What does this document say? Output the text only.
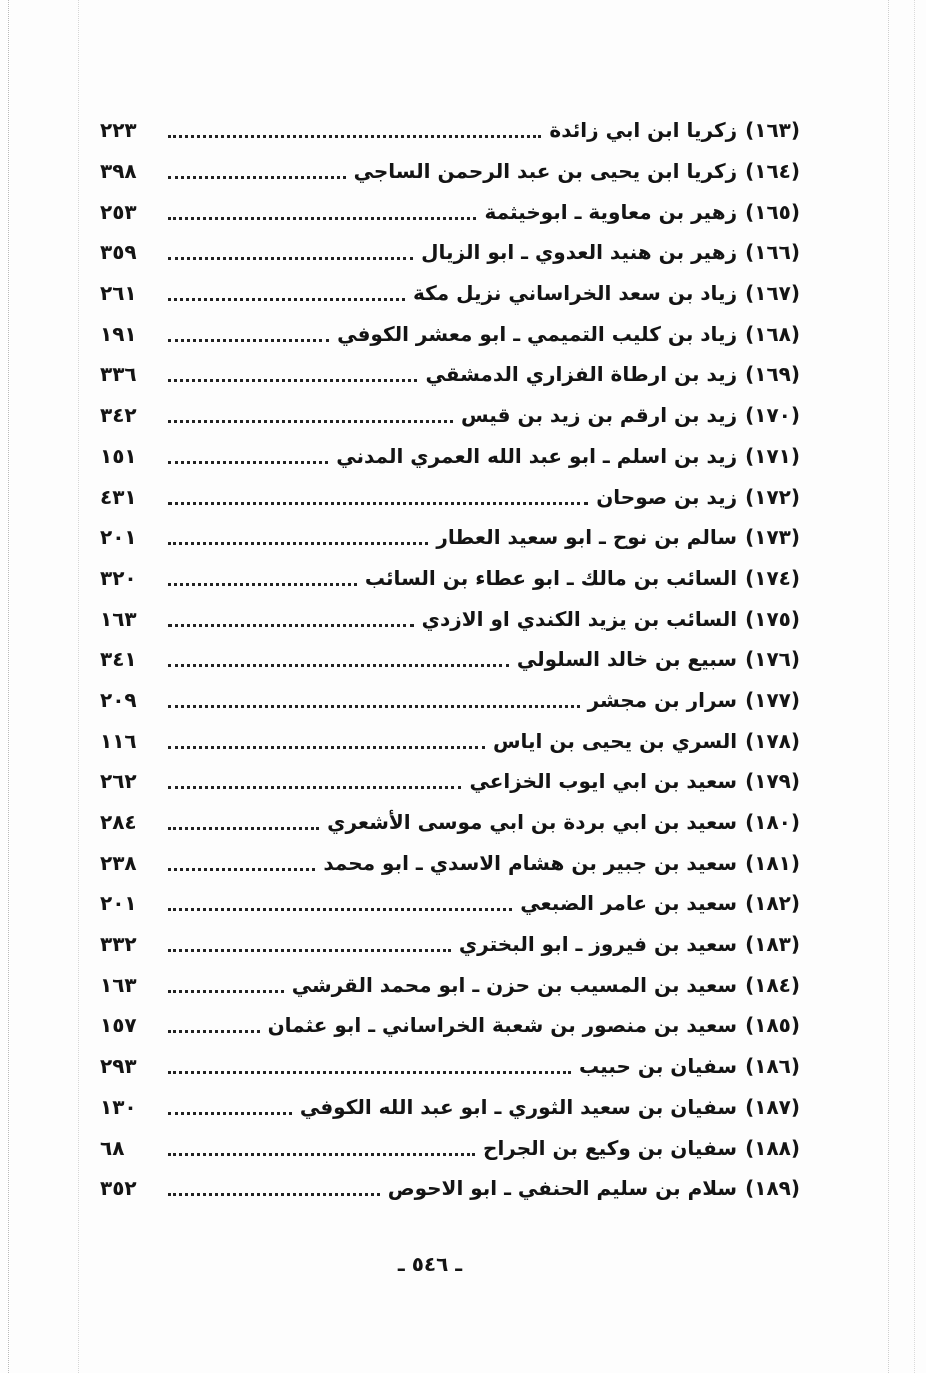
(١٦٣)
زكريا ابن ابي زائدة
٢٢٣
(١٦٤)
زكريا ابن يحيى بن عبد الرحمن الساجي
٣٩٨
(١٦٥)
زهير بن معاوية ـ ابوخيثمة
٢٥٣
(١٦٦)
زهير بن هنيد العدوي ـ ابو الزيال
٣٥٩
(١٦٧)
زياد بن سعد الخراساني نزيل مكة
٢٦١
(١٦٨)
زياد بن كليب التميمي ـ ابو معشر الكوفي
١٩١
(١٦٩)
زيد بن ارطاة الفزاري الدمشقي
٣٣٦
(١٧٠)
زيد بن ارقم بن زيد بن قيس
٣٤٢
(١٧١)
زيد بن اسلم ـ ابو عبد الله العمري المدني
١٥١
(١٧٢)
زيد بن صوحان
٤٣١
(١٧٣)
سالم بن نوح ـ ابو سعيد العطار
٢٠١
(١٧٤)
السائب بن مالك ـ ابو عطاء بن السائب
٣٢٠
(١٧٥)
السائب بن يزيد الكندي او الازدي
١٦٣
(١٧٦)
سبيع بن خالد السلولي
٣٤١
(١٧٧)
سرار بن مجشر
٢٠٩
(١٧٨)
السري بن يحيى بن اياس
١١٦
(١٧٩)
سعيد بن ابي ايوب الخزاعي
٢٦٢
(١٨٠)
سعيد بن ابي بردة بن ابي موسى الأشعري
٢٨٤
(١٨١)
سعيد بن جبير بن هشام الاسدي ـ ابو محمد
٢٣٨
(١٨٢)
سعيد بن عامر الضبعي
٢٠١
(١٨٣)
سعيد بن فيروز ـ ابو البختري
٣٣٢
(١٨٤)
سعيد بن المسيب بن حزن ـ ابو محمد القرشي
١٦٣
(١٨٥)
سعيد بن منصور بن شعبة الخراساني ـ ابو عثمان
١٥٧
(١٨٦)
سفيان بن حبيب
٢٩٣
(١٨٧)
سفيان بن سعيد الثوري ـ ابو عبد الله الكوفي
١٣٠
(١٨٨)
سفيان بن وكيع بن الجراح
٦٨
(١٨٩)
سلام بن سليم الحنفي ـ ابو الاحوص
٣٥٢
ـ ٥٤٦ ـ
